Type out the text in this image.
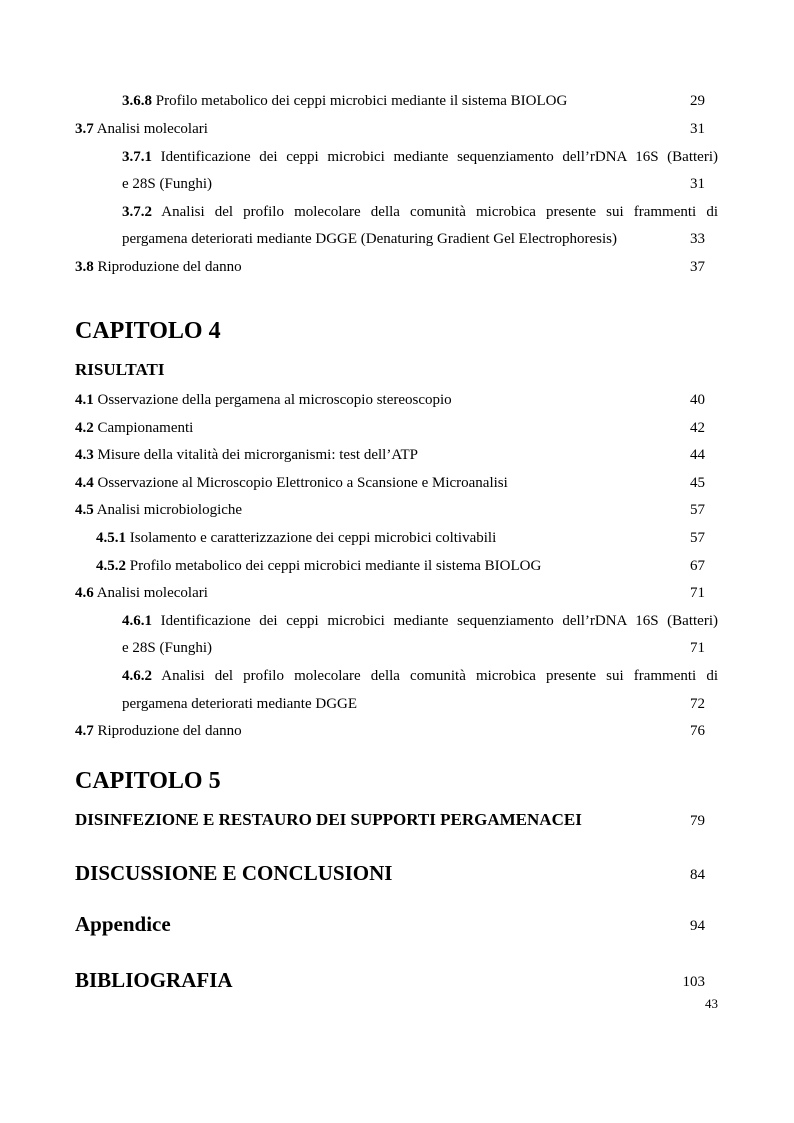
3.6.8 Profilo metabolico dei ceppi microbici mediante il sistema BIOLOG	29
3.7 Analisi molecolari	31
3.7.1 Identificazione dei ceppi microbici mediante sequenziamento dell’rDNA 16S (Batteri)
e 28S (Funghi)	31
3.7.2 Analisi del profilo molecolare della comunità microbica presente sui frammenti di
pergamena deteriorati mediante DGGE (Denaturing Gradient Gel Electrophoresis)	33
3.8 Riproduzione del danno	37
CAPITOLO 4
RISULTATI
4.1 Osservazione della pergamena al microscopio stereoscopio	40
4.2 Campionamenti	42
4.3 Misure della vitalità dei microrganismi: test dell’ATP	44
4.4 Osservazione al Microscopio Elettronico a Scansione e Microanalisi	45
4.5 Analisi microbiologiche	57
4.5.1 Isolamento e caratterizzazione dei ceppi microbici coltivabili	57
4.5.2 Profilo metabolico dei ceppi microbici mediante il sistema BIOLOG	67
4.6 Analisi molecolari	71
4.6.1 Identificazione dei ceppi microbici mediante sequenziamento dell’rDNA 16S (Batteri)
e 28S (Funghi)	71
4.6.2 Analisi del profilo molecolare della comunità microbica presente sui frammenti di
pergamena deteriorati mediante DGGE	72
4.7 Riproduzione del danno	76
CAPITOLO 5
DISINFEZIONE E RESTAURO DEI SUPPORTI PERGAMENACEI	79
DISCUSSIONE E CONCLUSIONI	84
Appendice	94
BIBLIOGRAFIA	103
43
